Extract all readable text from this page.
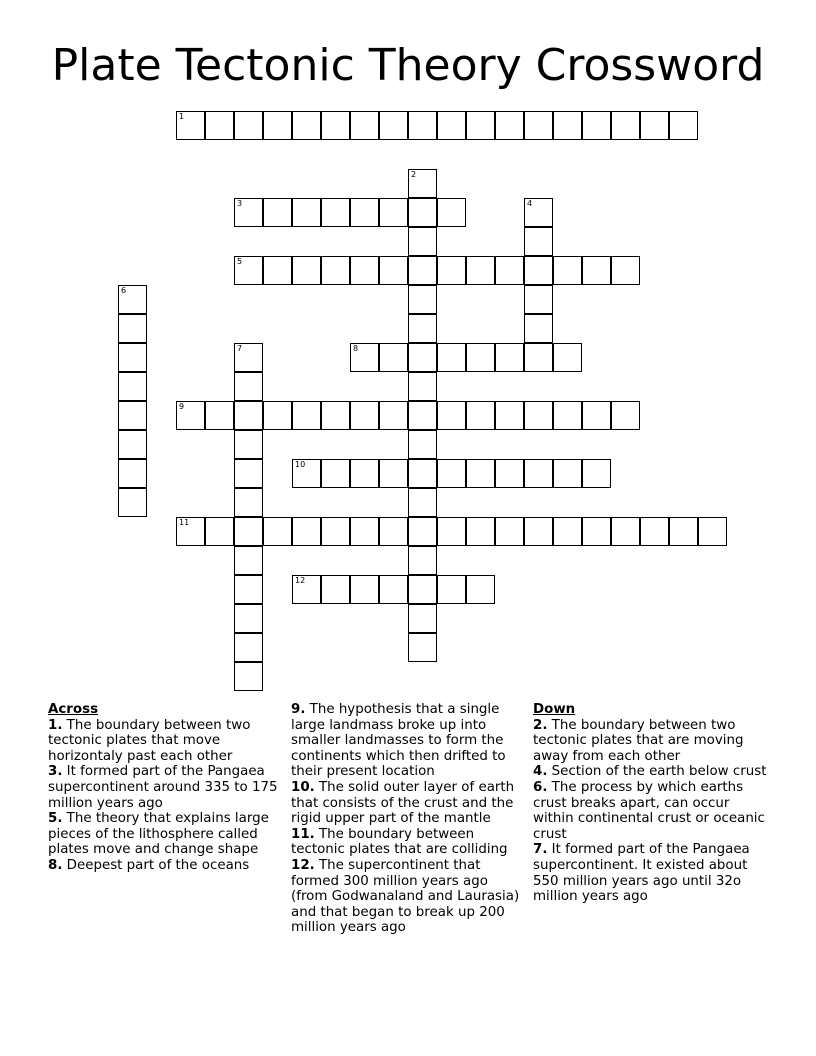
Plate Tectonic Theory Crossword
1
2
3	4
5
6
7	8
9
10
11
12
Across

1. The boundary between two tectonic plates that move horizontaly past each other

3. It formed part of the Pangaea supercontinent around 335 to 175 million years ago

5. The theory that explains large pieces of the lithosphere called plates move and change shape

8. Deepest part of the oceans

9. The hypothesis that a single large landmass broke up into smaller landmasses to form the continents which then drifted to their present location

10. The solid outer layer of earth that consists of the crust and the rigid upper part of the mantle

11. The boundary between tectonic plates that are colliding

12. The supercontinent that formed 300 million years ago (from Godwanaland and Laurasia) and that began to break up 200 million years ago

Down

2. The boundary between two tectonic plates that are moving away from each other

4. Section of the earth below crust

6. The process by which earths crust breaks apart, can occur within continental crust or oceanic crust

7. It formed part of the Pangaea supercontinent. It existed about 550 million years ago until 32o million years ago
